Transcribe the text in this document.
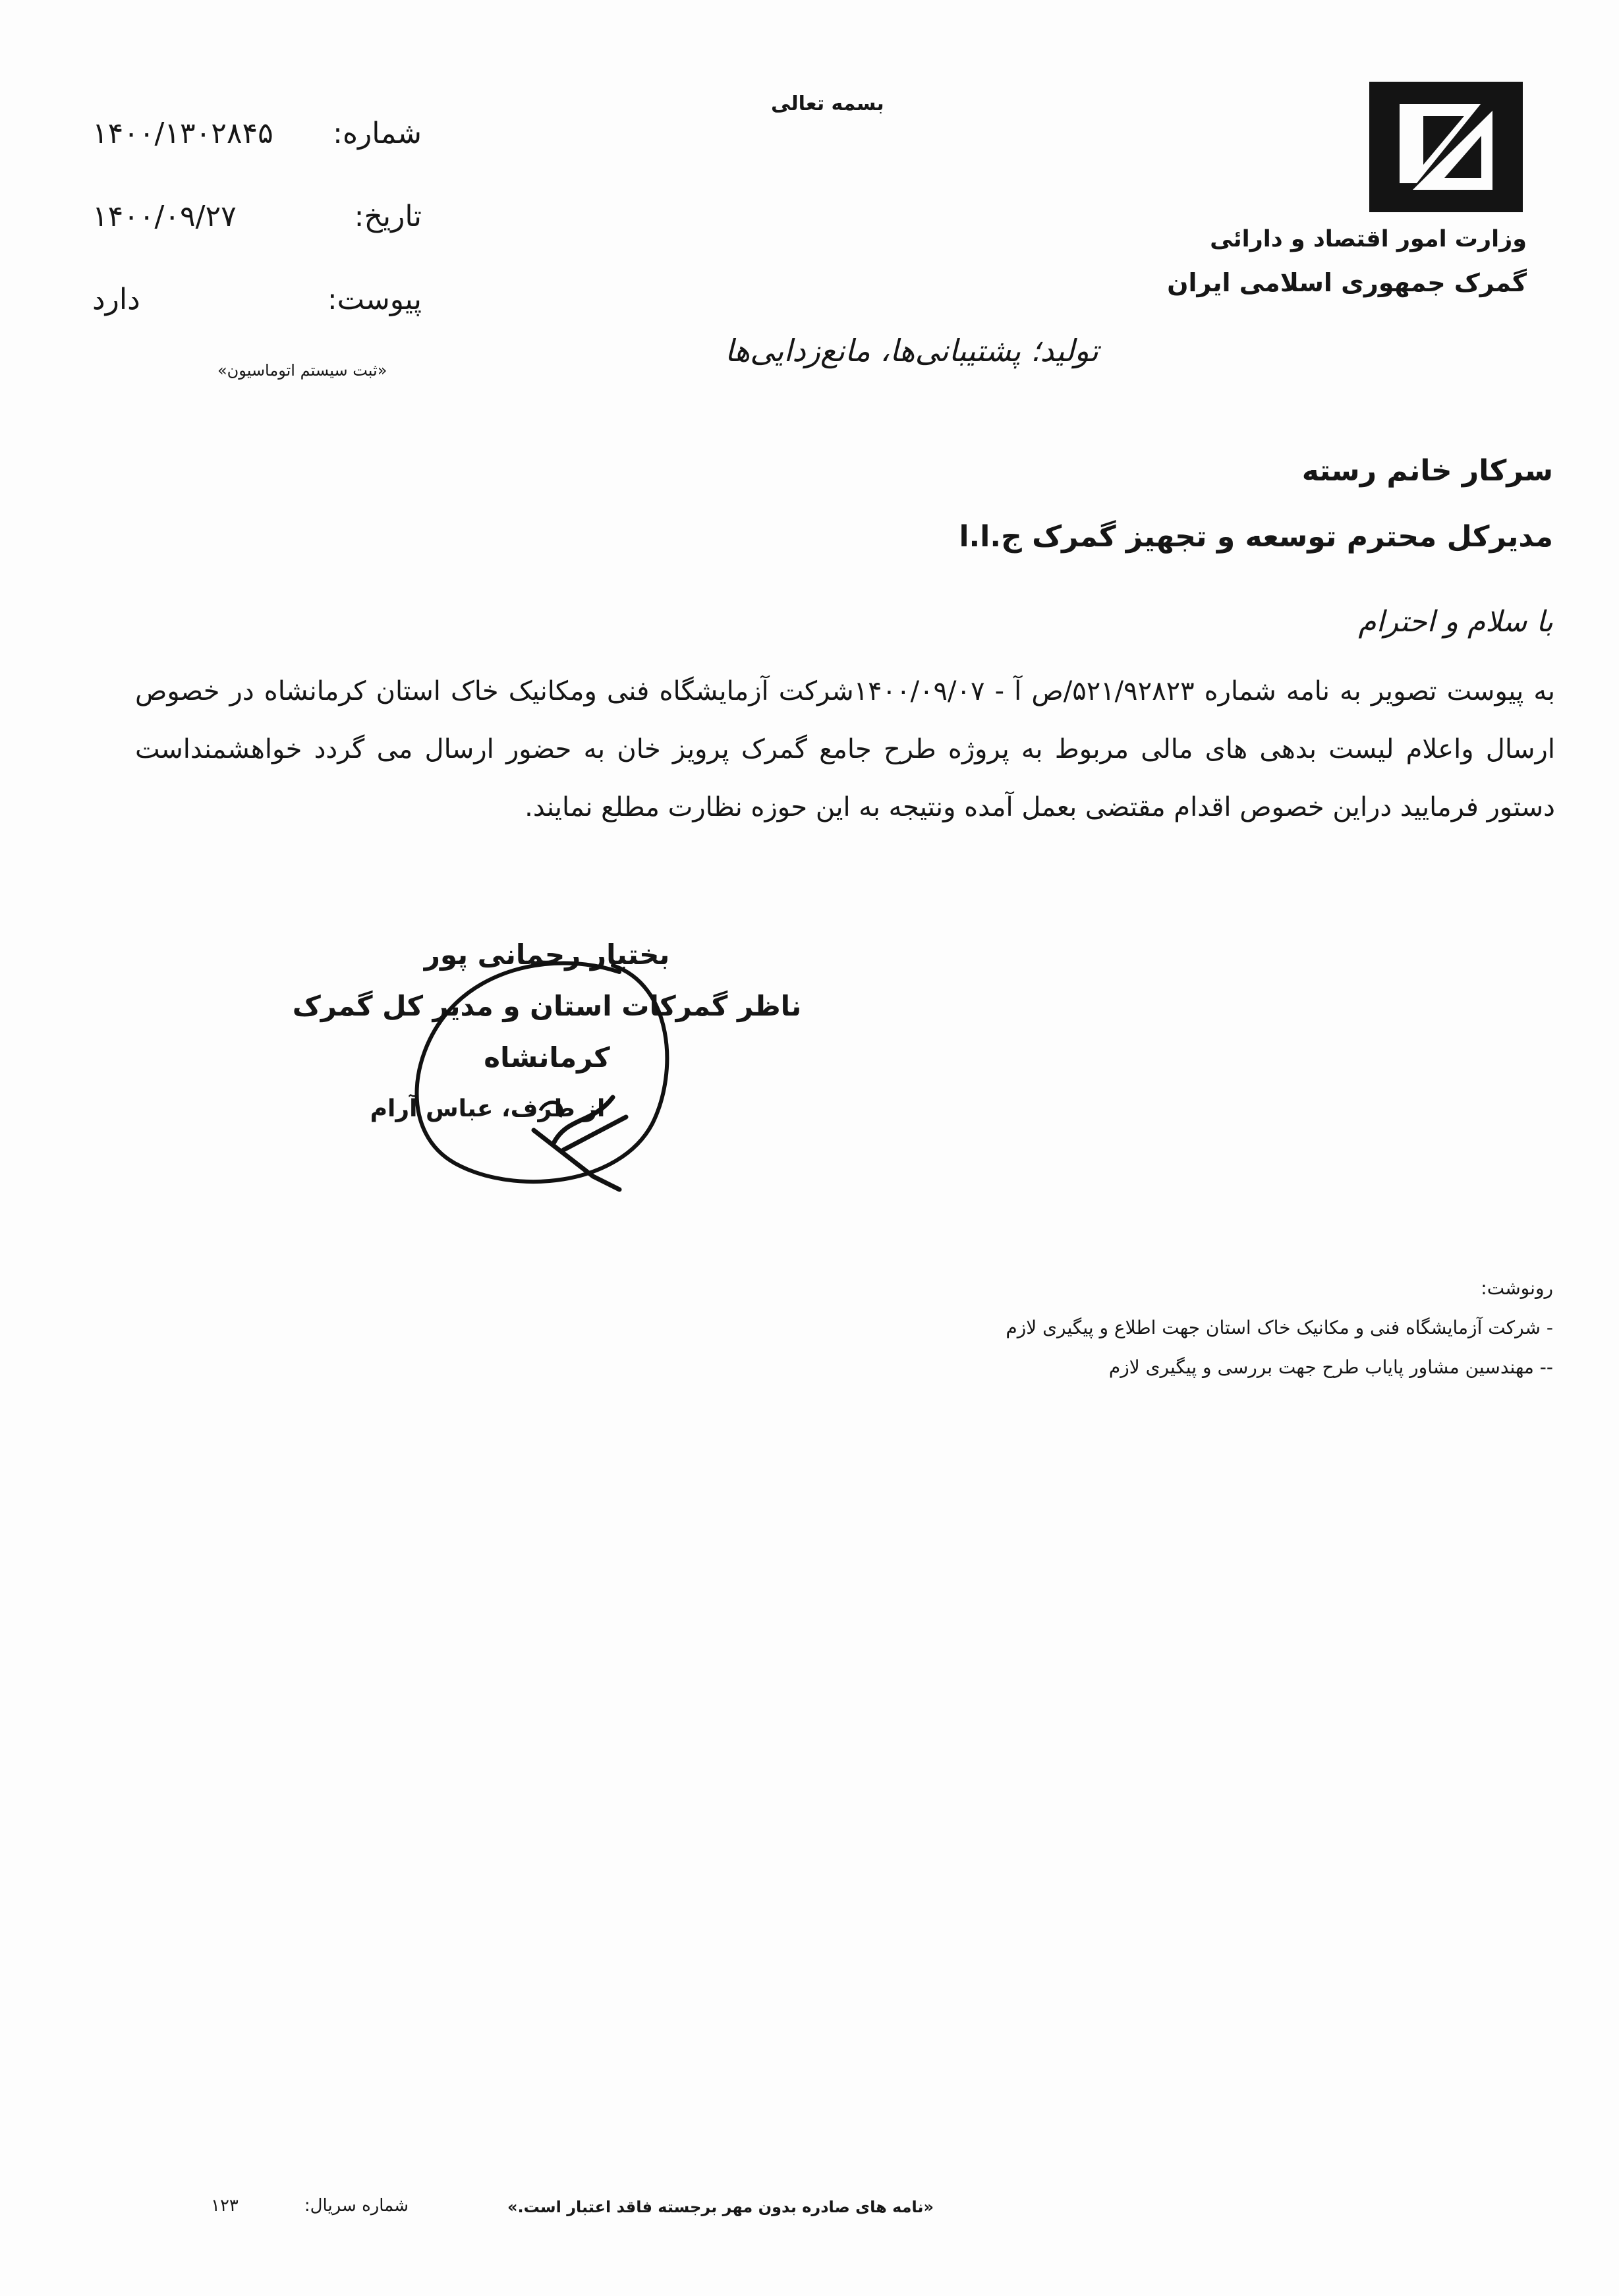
بسمه تعالی
وزارت امور اقتصاد و دارائی
گمرک جمهوری اسلامی ایران
۱۴۰۰/۱۳۰۲۸۴۵ شماره:
۱۴۰۰/۰۹/۲۷	تاریخ:
دارد	پیوست:
«ثبت سیستم اتوماسیون»
تولید؛ پشتیبانی‌ها، مانع‌زدایی‌ها
سرکار خانم رسته
مدیرکل محترم توسعه و تجهیز گمرک ج.ا.ا
با سلام و احترام
به پیوست تصویر به نامه شماره ۵۲۱/۹۲۸۲۳/ص آ - ۱۴۰۰/۰۹/۰۷شرکت آزمایشگاه فنی ومکانیک خاک استان کرمانشاه در خصوص ارسال واعلام لیست بدهی های مالی مربوط به پروژه طرح جامع گمرک پرویز خان به حضور ارسال می گردد خواهشمنداست دستور فرمایید دراین خصوص اقدام مقتضی بعمل آمده ونتیجه به این حوزه نظارت مطلع نمایند.
بختیار رحمانی پور
ناظر گمرکات استان و مدیر کل گمرک کرمانشاه
از طرف، عباس آرام
رونوشت:
- شرکت آزمایشگاه فنی و مکانیک خاک استان جهت اطلاع و پیگیری لازم
-- مهندسین مشاور پایاب طرح جهت بررسی و پیگیری لازم
«نامه های صادره بدون مهر برجسته فاقد اعتبار است.»
۱۲۳	شماره سریال:
